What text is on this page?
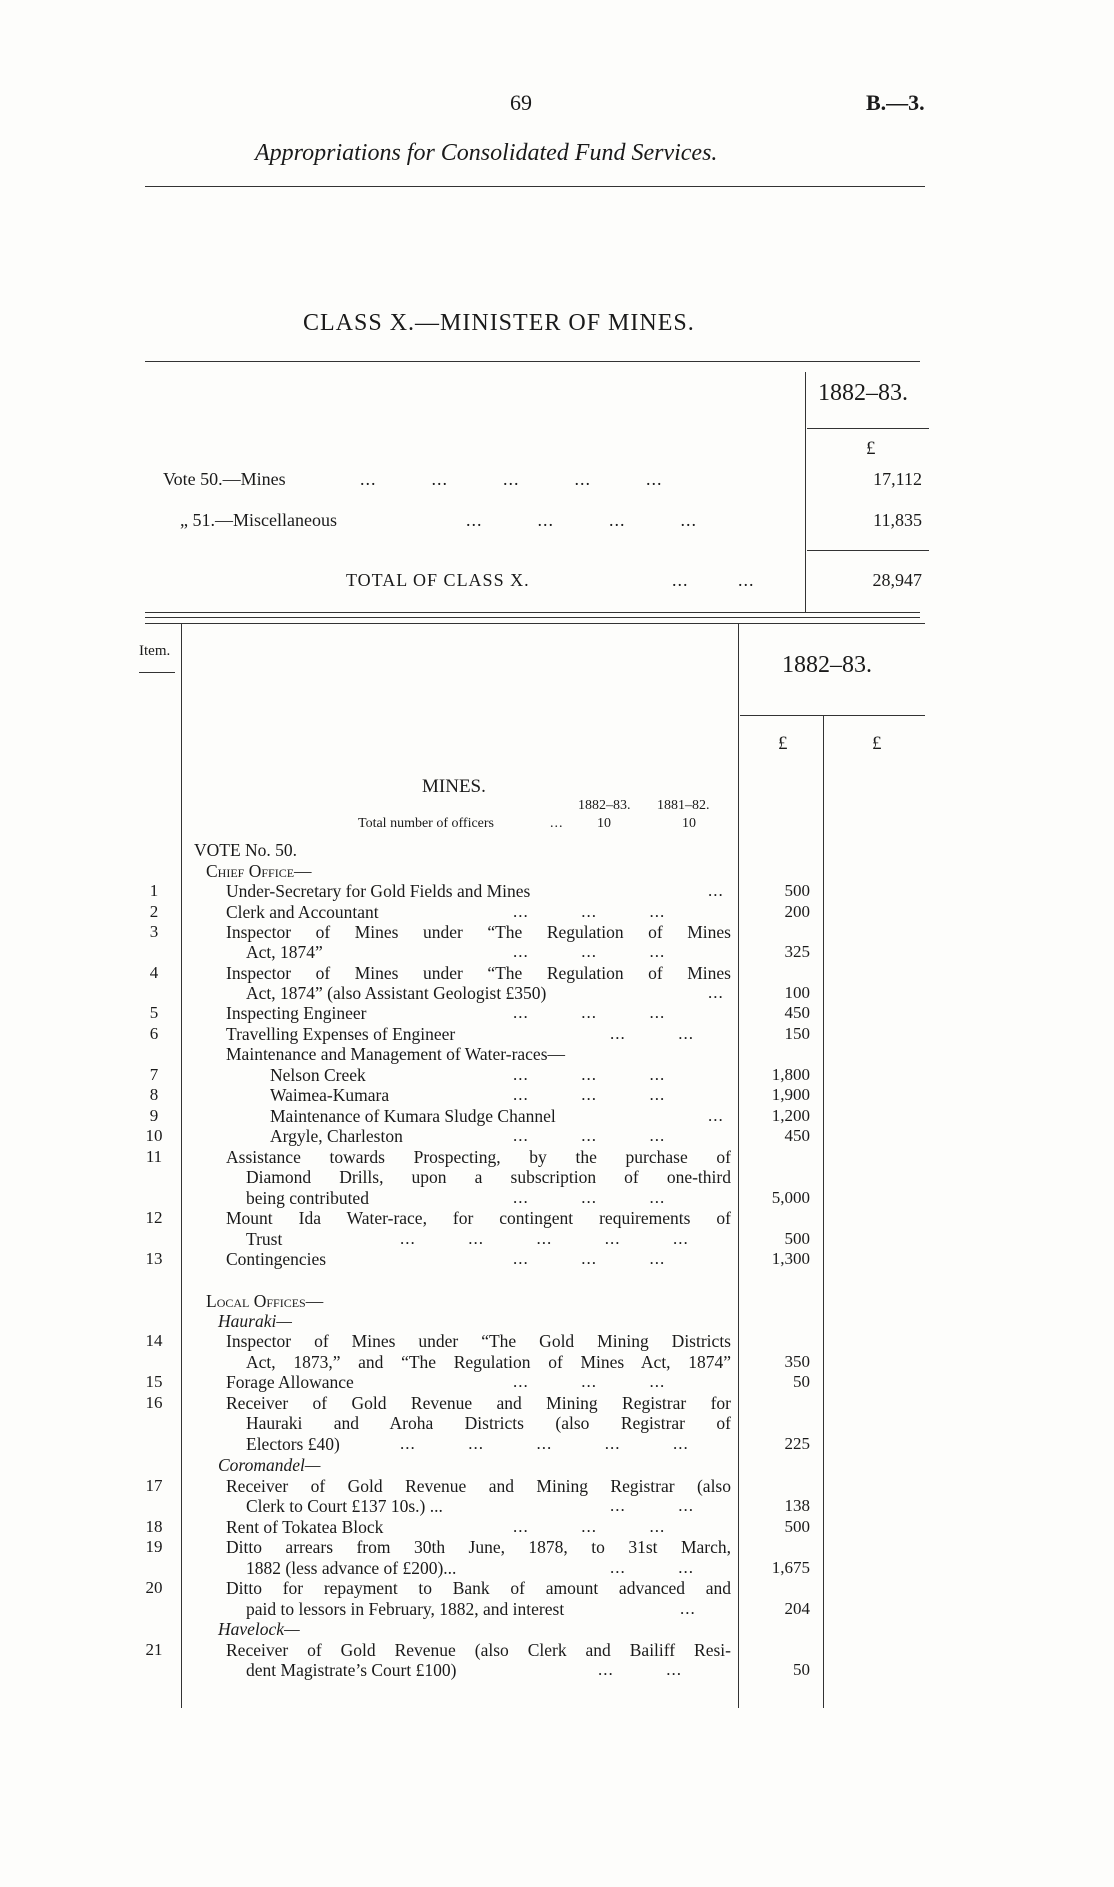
69	B.—3.
Appropriations for Consolidated Fund Services.
CLASS X.—MINISTER OF MINES.
1882–83.
£
Vote 50.—Mines	...          ...          ...          ...          ...	17,112
„ 51.—Miscellaneous	...          ...          ...          ...	11,835
TOTAL OF CLASS X.	...         ...	28,947
Item.
1882–83.
£	£
MINES.
1882–83. 1881–82.
Total number of officers	... 10	10
VOTE No. 50.
Chief Office—
1	Under-Secretary for Gold Fields and Mines	...	500
2	Clerk and Accountant	...          ...          ...	200
3	Inspector of Mines under “The Regulation of Mines
Act, 1874”	...          ...          ...	325
4	Inspector of Mines under “The Regulation of Mines
Act, 1874” (also Assistant Geologist £350)	...	100
5	Inspecting Engineer	...          ...          ...	450
6	Travelling Expenses of Engineer	...          ...	150
Maintenance and Management of Water-races—
7	Nelson Creek	...          ...          ...	1,800
8	Waimea-Kumara	...          ...          ...	1,900
9	Maintenance of Kumara Sludge Channel	...	1,200
10	Argyle, Charleston	...          ...          ...	450
11	Assistance towards Prospecting, by the purchase of
Diamond Drills, upon a subscription of one-third
being contributed	...          ...          ...	5,000
12	Mount Ida Water-race, for contingent requirements of
Trust	...          ...          ...          ...          ...	500
13	Contingencies	...          ...          ...	1,300
Local Offices—
Hauraki—
14	Inspector of Mines under “The Gold Mining Districts
Act, 1873,” and “The Regulation of Mines Act, 1874”	350
15	Forage Allowance	...          ...          ...	50
16	Receiver of Gold Revenue and Mining Registrar for
Hauraki and Aroha Districts (also Registrar of
Electors £40)	...          ...          ...          ...          ...	225
Coromandel—
17	Receiver of Gold Revenue and Mining Registrar (also
Clerk to Court £137 10s.) ...	...          ...	138
18	Rent of Tokatea Block	...          ...          ...	500
19	Ditto arrears from 30th June, 1878, to 31st March,
1882 (less advance of £200)...	...          ...	1,675
20	Ditto for repayment to Bank of amount advanced and
paid to lessors in February, 1882, and interest	...	204
Havelock—
21	Receiver of Gold Revenue (also Clerk and Bailiff Resi-
dent Magistrate’s Court £100)	...          ...	50
